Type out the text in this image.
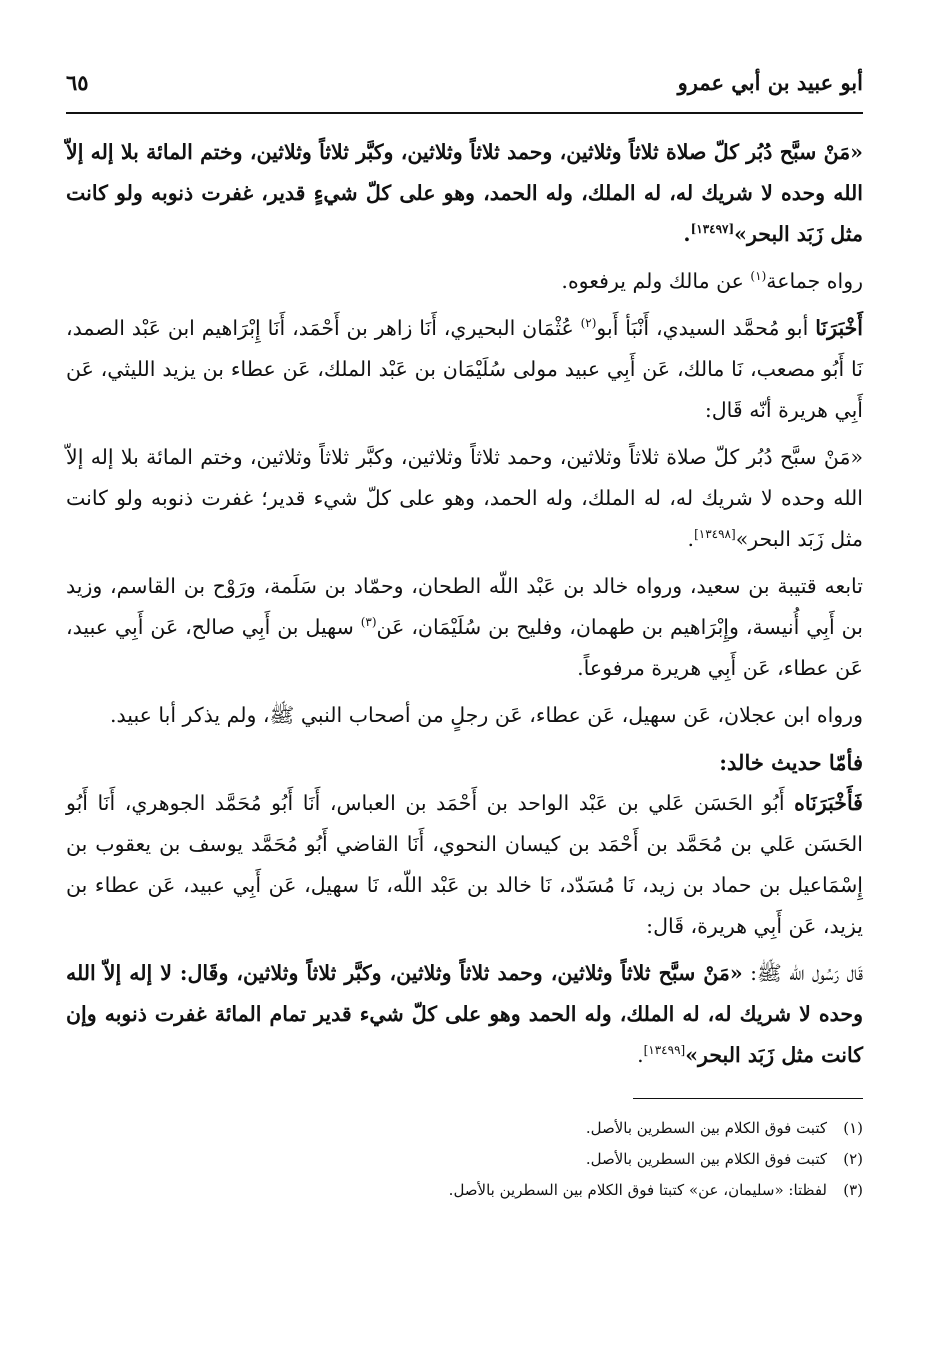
أبو عبيد بن أبي عمرو
٦٥

«مَنْ سبَّح دُبُر كلّ صلاة ثلاثاً وثلاثين، وحمد ثلاثاً وثلاثين، وكبَّر ثلاثاً وثلاثين، وختم المائة بلا إله إلاّ الله وحده لا شريك له، له الملك، وله الحمد، وهو على كلّ شيءٍ قدير، غفرت ذنوبه ولو كانت مثل زَبَد البحر»[١٣٤٩٧].

رواه جماعة$^{(١)}$ عن مالك ولم يرفعوه.

أَخْبَرَنَا أبو مُحمَّد السيدي، أَنْبَأ أَبو$^{(٢)}$ عُثْمَان البحيري، أَنَا زاهر بن أَحْمَد، أَنَا إِبْرَاهيم ابن عَبْد الصمد، نَا أَبُو مصعب، نَا مالك، عَن أَبِي عبيد مولى سُلَيْمَان بن عَبْد الملك، عَن عطاء بن يزيد الليثي، عَن أَبِي هريرة أنّه قَال:

«مَنْ سبَّح دُبُر كلّ صلاة ثلاثاً وثلاثين، وحمد ثلاثاً وثلاثين، وكبَّر ثلاثاً وثلاثين، وختم المائة بلا إله إلاّ الله وحده لا شريك له، له الملك، وله الحمد، وهو على كلّ شيء قدير؛ غفرت ذنوبه ولو كانت مثل زَبَد البحر»[١٣٤٩٨].

تابعه قتيبة بن سعيد، ورواه خالد بن عَبْد اللّه الطحان، وحمّاد بن سَلَمة، ورَوْح بن القاسم، وزيد بن أَبِي أُنيسة، وإِبْرَاهيم بن طهمان، وفليح بن سُلَيْمَان، عَن$^{(٣)}$ سهيل بن أَبِي صالح، عَن أَبِي عبيد، عَن عطاء، عَن أَبِي هريرة مرفوعاً.

ورواه ابن عجلان، عَن سهيل، عَن عطاء، عَن رجلٍ من أصحاب النبي ﷺ، ولم يذكر أبا عبيد.

فأمّا حديث خالد:

فَأَخْبَرَنَاه أَبُو الحَسَن عَلي بن عَبْد الواحد بن أَحْمَد بن العباس، أَنَا أَبُو مُحَمَّد الجوهري، أَنَا أَبُو الحَسَن عَلي بن مُحَمَّد بن أَحْمَد بن كيسان النحوي، أَنَا القاضي أَبُو مُحَمَّد يوسف بن يعقوب بن إِسْمَاعيل بن حماد بن زيد، نَا مُسَدّد، نَا خالد بن عَبْد اللّه، نَا سهيل، عَن أَبِي عبيد، عَن عطاء بن يزيد، عَن أَبِي هريرة، قَال:

قَال رَسُول الله ﷺ: «مَنْ سبَّح ثلاثاً وثلاثين، وحمد ثلاثاً وثلاثين، وكبَّر ثلاثاً وثلاثين، وقَال: لا إله إلاّ الله وحده لا شريك له، له الملك، وله الحمد وهو على كلّ شيء قدير تمام المائة غفرت ذنوبه وإن كانت مثل زَبَد البحر»[١٣٤٩٩].

(١)كتبت فوق الكلام بين السطرين بالأصل.

(٢)كتبت فوق الكلام بين السطرين بالأصل.

(٣)لفظتا: «سليمان، عن» كتبتا فوق الكلام بين السطرين بالأصل.
